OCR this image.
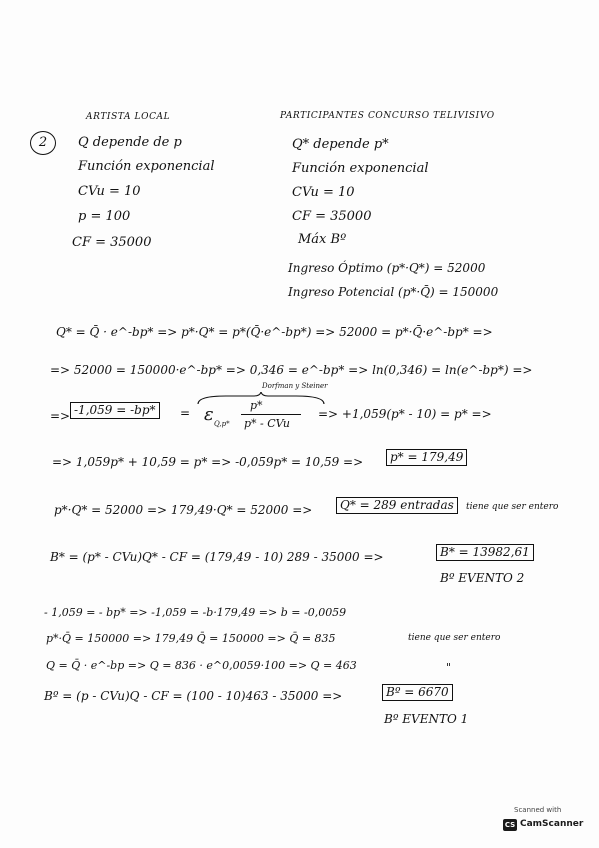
2
ARTISTA LOCAL	PARTICIPANTES CONCURSO TELIVISIVO
Q depende de p
Función exponencial
CVu = 10
p = 100
CF = 35000
Q* depende p*
Función exponencial
CVu = 10
CF = 35000
Máx Bº
Ingreso Óptimo (p*·Q*) = 52000
Ingreso Potencial (p*·Q̄) = 150000
Q* = Q̄ · e^-bp* => p*·Q* = p*(Q̄·e^-bp*) => 52000 = p*·Q̄·e^-bp* =>
=> 52000 = 150000·e^-bp* => 0,346 = e^-bp* => ln(0,346) = ln(e^-bp*) =>
=> -1,059 = -bp*	=
Dorfman y Steiner
ε Q,p*
p*
p* - CVu
=> +1,059(p* - 10) = p* =>
=> 1,059p* + 10,59 = p* => -0,059p* = 10,59 =>	p* = 179,49
p*·Q* = 52000 => 179,49·Q* = 52000 =>	Q* = 289 entradas	tiene que ser entero
B* = (p* - CVu)Q* - CF = (179,49 - 10) 289 - 35000 =>	B* = 13982,61
Bº EVENTO 2
- 1,059 = - bp* => -1,059 = -b·179,49 => b = -0,0059
p*·Q̄ = 150000 => 179,49 Q̄ = 150000 => Q̄ = 835	tiene que ser entero
Q = Q̄ · e^-bp => Q = 836 · e^0,0059·100 => Q = 463	"
Bº = (p - CVu)Q - CF = (100 - 10)463 - 35000 =>	Bº = 6670
Bº EVENTO 1
Scanned with
CS CamScanner
